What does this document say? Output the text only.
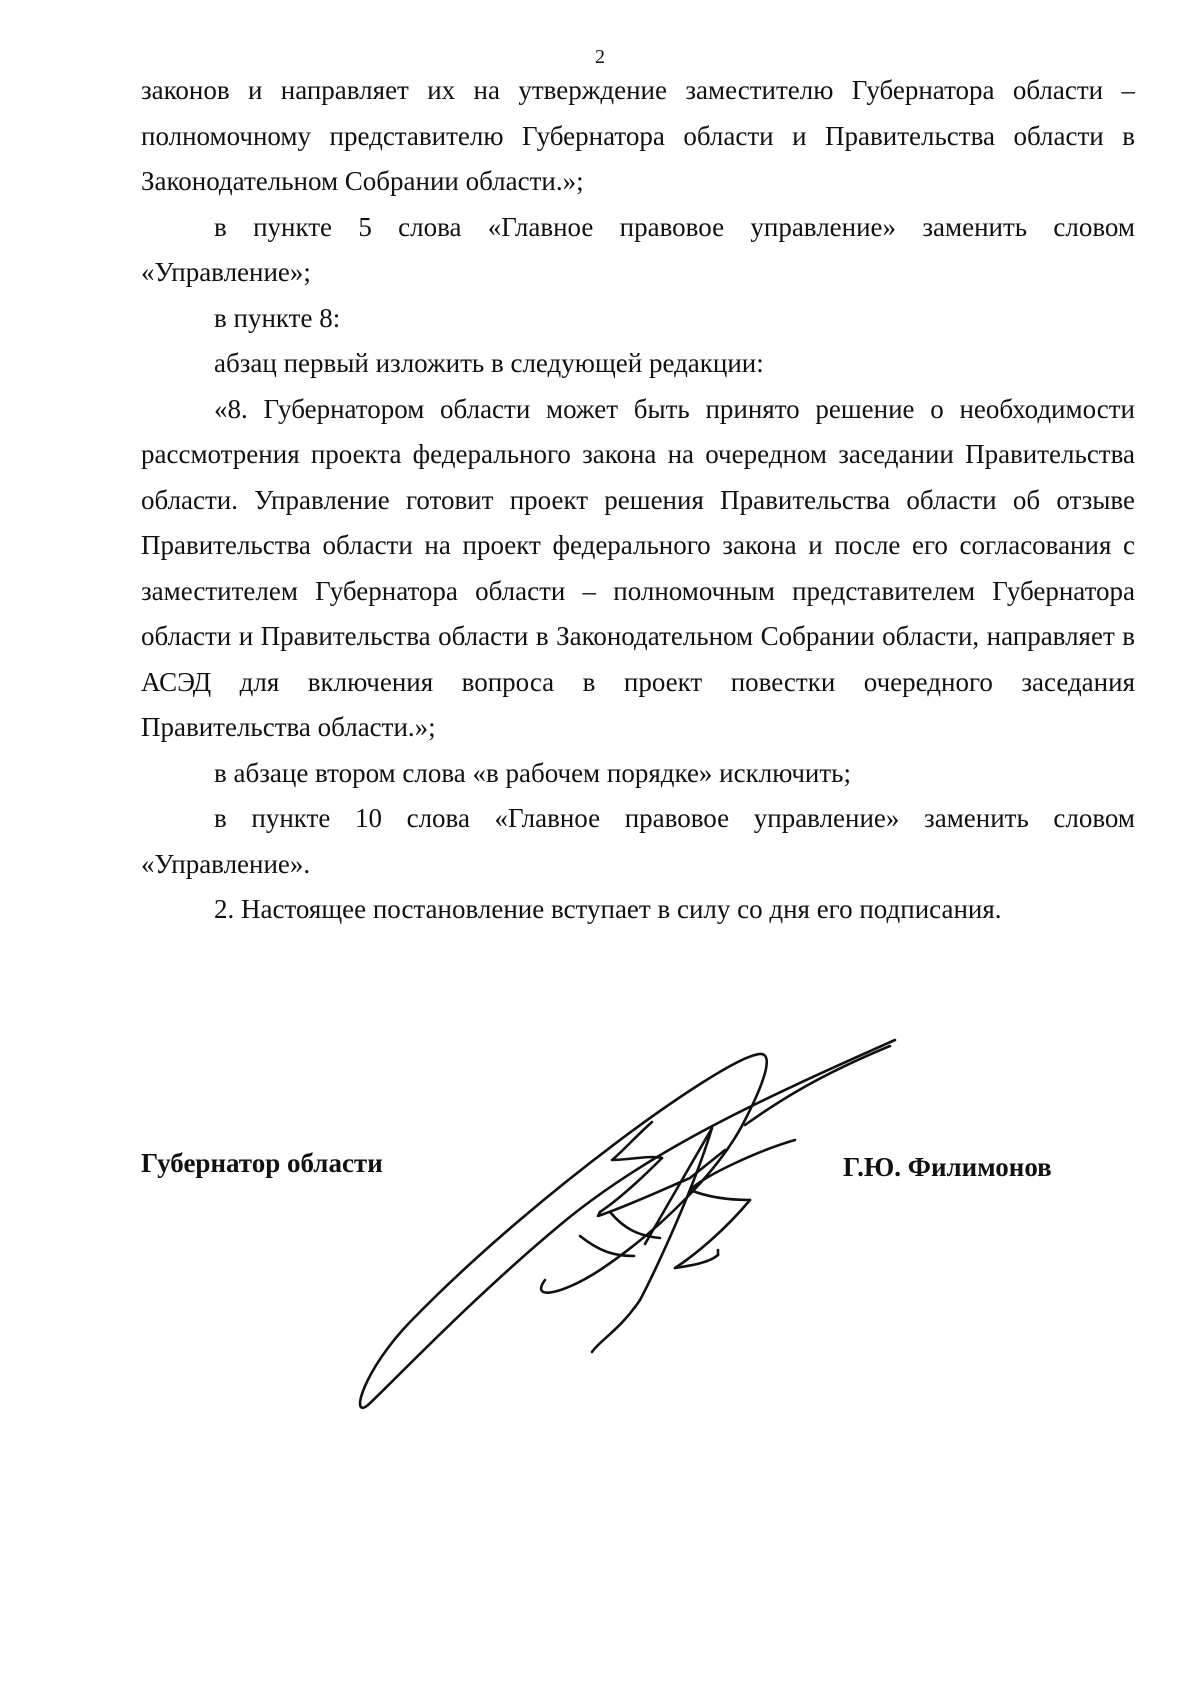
2

законов и направляет их на утверждение заместителю Губернатора области – полномочному представителю Губернатора области и Правительства области в Законодательном Собрании области.»;

в пункте 5 слова «Главное правовое управление» заменить словом «Управление»;

в пункте 8:

абзац первый изложить в следующей редакции:

«8. Губернатором области может быть принято решение о необходимости рассмотрения проекта федерального закона на очередном заседании Правительства области. Управление готовит проект решения Правительства области об отзыве Правительства области на проект федерального закона и после его согласования с заместителем Губернатора области – полномочным представителем Губернатора области и Правительства области в Законодательном Собрании области, направляет в АСЭД для включения вопроса в проект повестки очередного заседания Правительства области.»;

в абзаце втором слова «в рабочем порядке» исключить;

в пункте 10 слова «Главное правовое управление» заменить словом «Управление».

2. Настоящее постановление вступает в силу со дня его подписания.

Губернатор области	Г.Ю. Филимонов
